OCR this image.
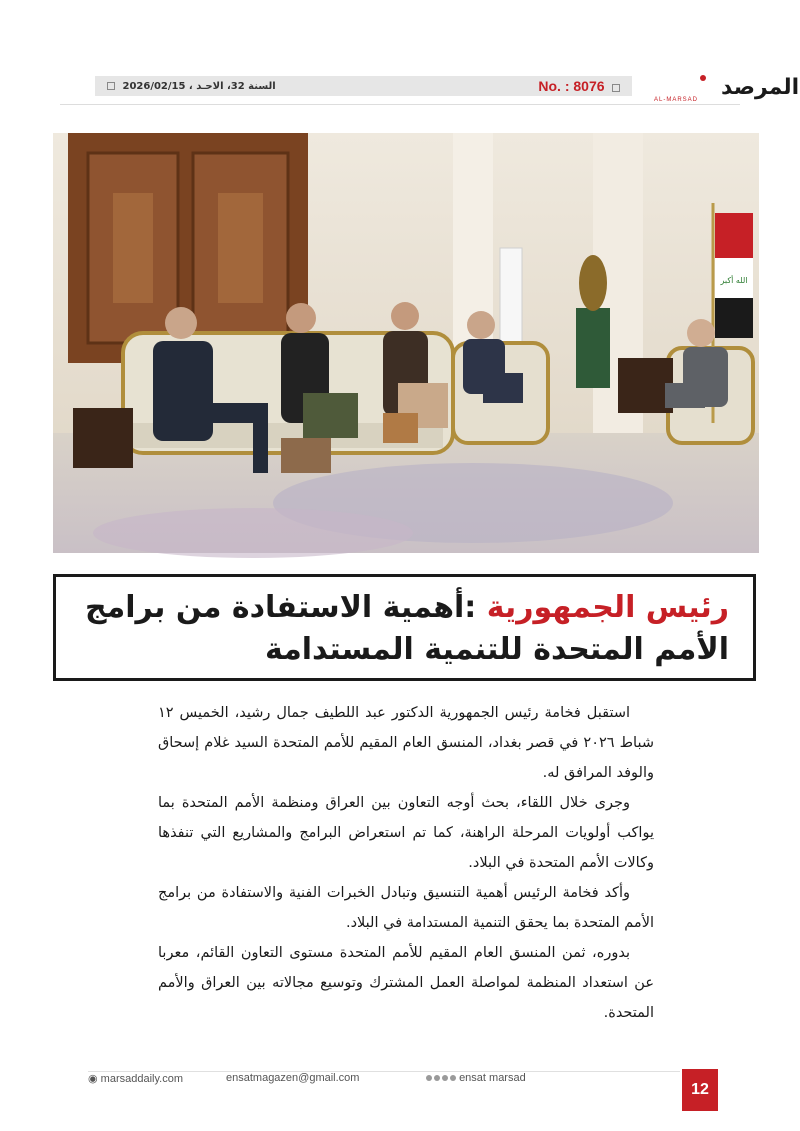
السنة 32، الاحـد ، 2026/02/15	No. : 8076	المرصد
AL-MARSAD
الله أكبر
رئيس الجمهورية :أهمية الاستفادة من برامج
الأمم المتحدة للتنمية المستدامة

استقبل فخامة رئيس الجمهورية الدكتور عبد اللطيف جمال رشيد، الخميس ١٢ شباط ٢٠٢٦ في قصر بغداد، المنسق العام المقيم للأمم المتحدة السيد غلام إسحاق والوفد المرافق له.

وجرى خلال اللقاء، بحث أوجه التعاون بين العراق ومنظمة الأمم المتحدة بما يواكب أولويات المرحلة الراهنة، كما تم استعراض البرامج والمشاريع التي تنفذها وكالات الأمم المتحدة في البلاد.

وأكد فخامة الرئيس أهمية التنسيق وتبادل الخبرات الفنية والاستفادة من برامج الأمم المتحدة بما يحقق التنمية المستدامة في البلاد.

بدوره، ثمن المنسق العام المقيم للأمم المتحدة مستوى التعاون القائم، معربا عن استعداد المنظمة لمواصلة العمل المشترك وتوسيع مجالاته بين العراق والأمم المتحدة.

◉ marsaddaily.com	ensatmagazen@gmail.com	ensat marsad
12
